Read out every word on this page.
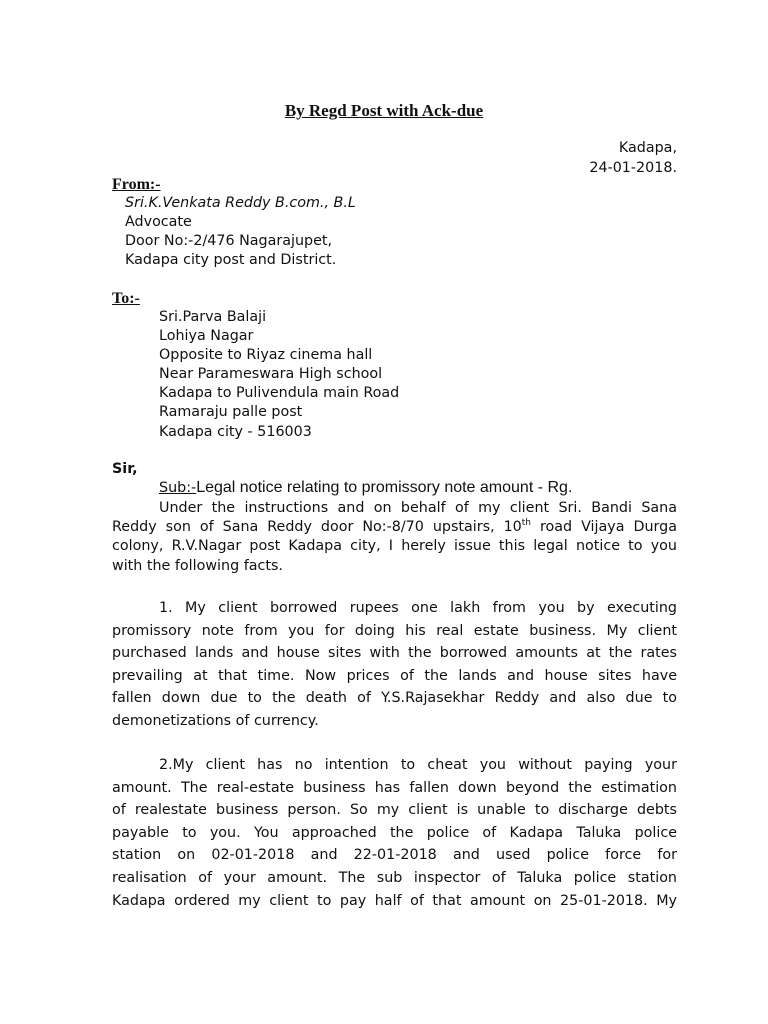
By Regd Post with Ack-due
Kadapa,
24-01-2018.
From:-
Sri.K.Venkata Reddy B.com., B.L
Advocate
Door No:-2/476 Nagarajupet,
Kadapa city post and District.
To:-
Sri.Parva Balaji
Lohiya Nagar
Opposite to Riyaz cinema hall
Near Parameswara High school
Kadapa to Pulivendula main Road
Ramaraju palle post
Kadapa city - 516003
Sir,
Sub:-Legal notice relating to promissory note amount - Rg.
Under the instructions and on behalf of my client Sri. Bandi Sana
Reddy son of Sana Reddy door No:-8/70 upstairs, 10th road Vijaya Durga
colony, R.V.Nagar post Kadapa city, I herely issue this legal notice to you
with the following facts.
1. My client borrowed rupees one lakh from you by executing
promissory note from you for doing his real estate business. My client
purchased lands and house sites with the borrowed amounts at the rates
prevailing at that time. Now prices of the lands and house sites have
fallen down due to the death of Y.S.Rajasekhar Reddy and also due to
demonetizations of currency.
2.My client has no intention to cheat you without paying your
amount. The real-estate business has fallen down beyond the estimation
of realestate business person. So my client is unable to discharge debts
payable to you. You approached the police of Kadapa Taluka police
station on 02-01-2018 and 22-01-2018 and used police force for
realisation of your amount. The sub inspector of Taluka police station
Kadapa ordered my client to pay half of that amount on 25-01-2018. My
